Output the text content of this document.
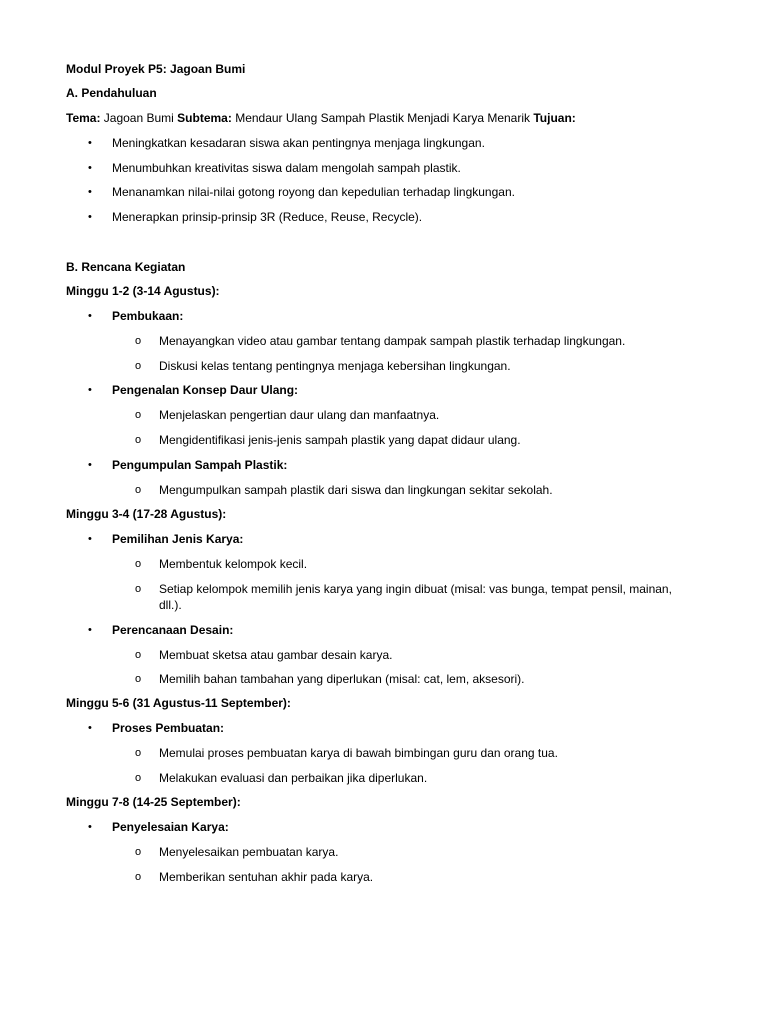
Modul Proyek P5: Jagoan Bumi
A. Pendahuluan
Tema: Jagoan Bumi Subtema: Mendaur Ulang Sampah Plastik Menjadi Karya Menarik Tujuan:
• Meningkatkan kesadaran siswa akan pentingnya menjaga lingkungan.
• Menumbuhkan kreativitas siswa dalam mengolah sampah plastik.
• Menanamkan nilai-nilai gotong royong dan kepedulian terhadap lingkungan.
• Menerapkan prinsip-prinsip 3R (Reduce, Reuse, Recycle).
B. Rencana Kegiatan
Minggu 1-2 (3-14 Agustus):
• Pembukaan:
o Menayangkan video atau gambar tentang dampak sampah plastik terhadap lingkungan.
o Diskusi kelas tentang pentingnya menjaga kebersihan lingkungan.
• Pengenalan Konsep Daur Ulang:
o Menjelaskan pengertian daur ulang dan manfaatnya.
o Mengidentifikasi jenis-jenis sampah plastik yang dapat didaur ulang.
• Pengumpulan Sampah Plastik:
o Mengumpulkan sampah plastik dari siswa dan lingkungan sekitar sekolah.
Minggu 3-4 (17-28 Agustus):
• Pemilihan Jenis Karya:
o Membentuk kelompok kecil.
o Setiap kelompok memilih jenis karya yang ingin dibuat (misal: vas bunga, tempat pensil, mainan, dll.).
• Perencanaan Desain:
o Membuat sketsa atau gambar desain karya.
o Memilih bahan tambahan yang diperlukan (misal: cat, lem, aksesori).
Minggu 5-6 (31 Agustus-11 September):
• Proses Pembuatan:
o Memulai proses pembuatan karya di bawah bimbingan guru dan orang tua.
o Melakukan evaluasi dan perbaikan jika diperlukan.
Minggu 7-8 (14-25 September):
• Penyelesaian Karya:
o Menyelesaikan pembuatan karya.
o Memberikan sentuhan akhir pada karya.
